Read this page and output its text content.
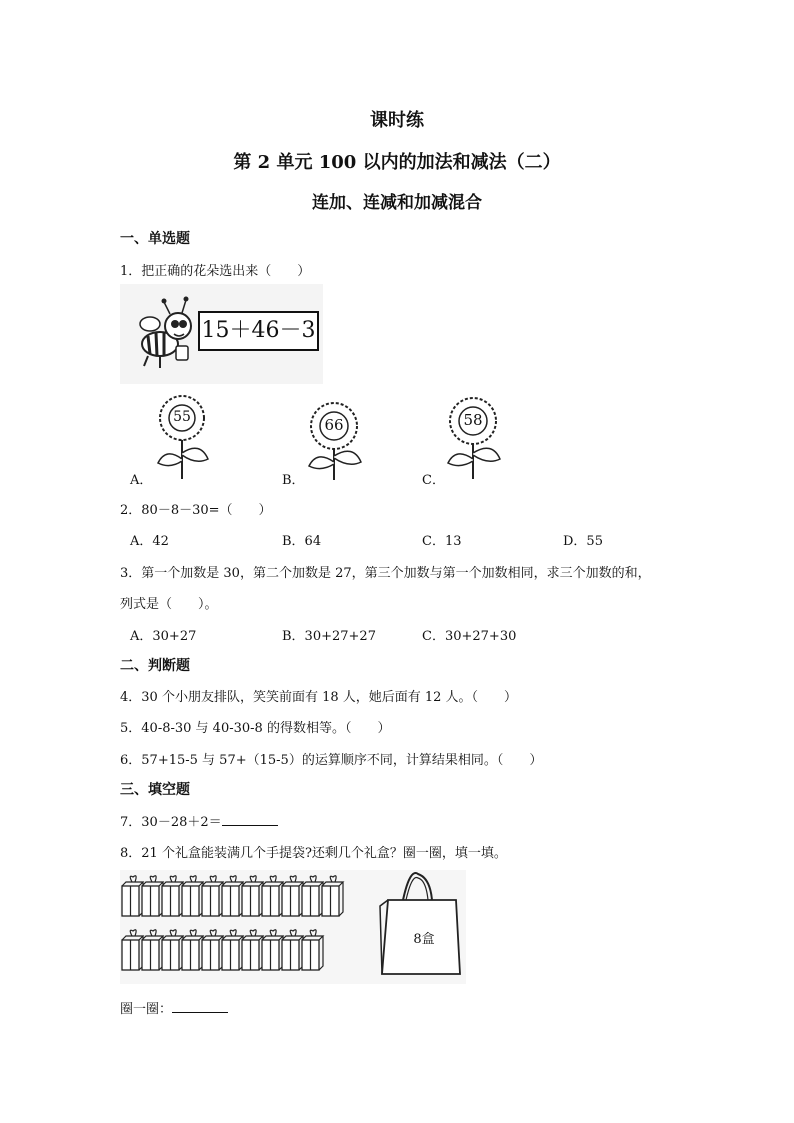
课时练
第 2 单元 100 以内的加法和减法（二）
连加、连减和加减混合
一、单选题
1．把正确的花朵选出来（　　）
15＋46－3
A．
55
B．
66
C．
58
2．80－8－30=（　　）
A．42	B．64	C．13	D．55
3．第一个加数是 30，第二个加数是 27，第三个加数与第一个加数相同，求三个加数的和，
列式是（　　）。
A．30+27	B．30+27+27	C．30+27+30
二、判断题
4．30 个小朋友排队，笑笑前面有 18 人，她后面有 12 人。（　　）
5．40-8-30 与 40-30-8 的得数相等。（　　）
6．57+15-5 与 57+（15-5）的运算顺序不同，计算结果相同。（　　）
三、填空题
7．30－28＋2＝
8．21 个礼盒能装满几个手提袋?还剩几个礼盒？圈一圈，填一填。
8盒
圈一圈：
